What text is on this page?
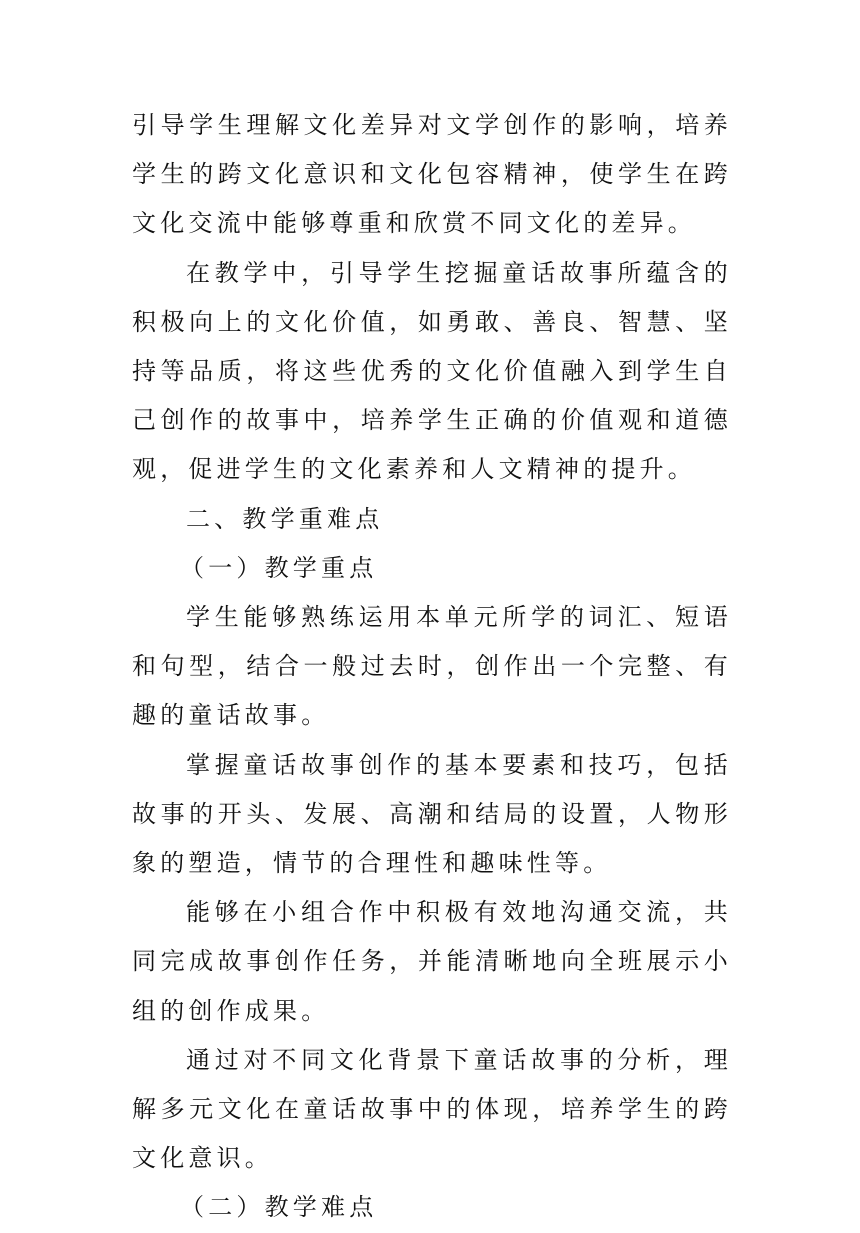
引导学生理解文化差异对文学创作的影响，培养学生的跨文化意识和文化包容精神，使学生在跨文化交流中能够尊重和欣赏不同文化的差异。

在教学中，引导学生挖掘童话故事所蕴含的积极向上的文化价值，如勇敢、善良、智慧、坚持等品质，将这些优秀的文化价值融入到学生自己创作的故事中，培养学生正确的价值观和道德观，促进学生的文化素养和人文精神的提升。

二、教学重难点

（一）教学重点

学生能够熟练运用本单元所学的词汇、短语和句型，结合一般过去时，创作出一个完整、有趣的童话故事。

掌握童话故事创作的基本要素和技巧，包括故事的开头、发展、高潮和结局的设置，人物形象的塑造，情节的合理性和趣味性等。

能够在小组合作中积极有效地沟通交流，共同完成故事创作任务，并能清晰地向全班展示小组的创作成果。

通过对不同文化背景下童话故事的分析，理解多元文化在童话故事中的体现，培养学生的跨文化意识。

（二）教学难点
